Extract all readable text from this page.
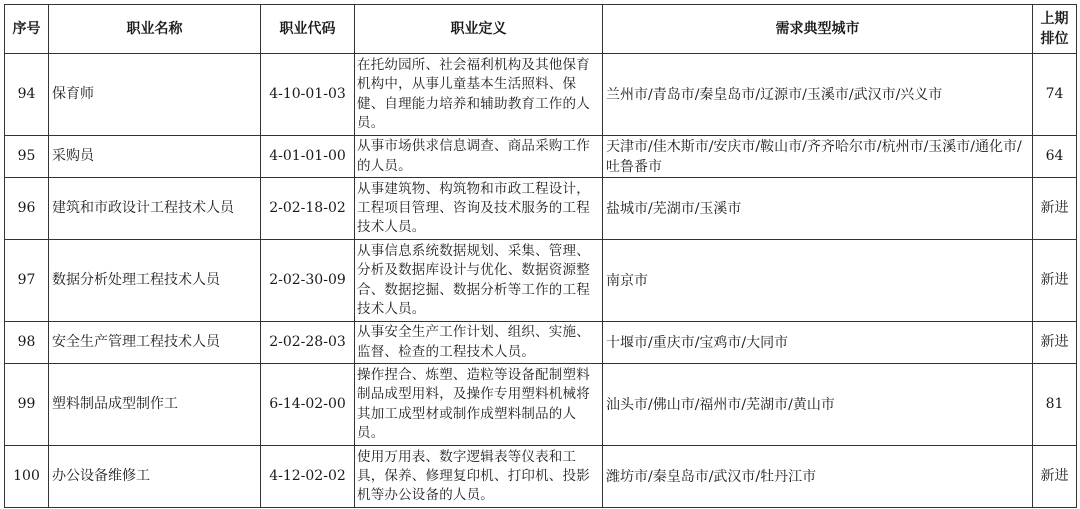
序号	职业名称	职业代码	职业定义	需求典型城市	上期
排位
94	保育师	4-10-01-03	在托幼园所、社会福利机构及其他保育机构中，从事儿童基本生活照料、保健、自理能力培养和辅助教育工作的人员。	兰州市/青岛市/秦皇岛市/辽源市/玉溪市/武汉市/兴义市	74
95	采购员	4-01-01-00	从事市场供求信息调查、商品采购工作的人员。	天津市/佳木斯市/安庆市/鞍山市/齐齐哈尔市/杭州市/玉溪市/通化市/吐鲁番市	64
96	建筑和市政设计工程技术人员	2-02-18-02	从事建筑物、构筑物和市政工程设计，工程项目管理、咨询及技术服务的工程技术人员。	盐城市/芜湖市/玉溪市	新进
97	数据分析处理工程技术人员	2-02-30-09	从事信息系统数据规划、采集、管理、分析及数据库设计与优化、数据资源整合、数据挖掘、数据分析等工作的工程技术人员。	南京市	新进
98	安全生产管理工程技术人员	2-02-28-03	从事安全生产工作计划、组织、实施、监督、检查的工程技术人员。	十堰市/重庆市/宝鸡市/大同市	新进
99	塑料制品成型制作工	6-14-02-00	操作捏合、炼塑、造粒等设备配制塑料制品成型用料，及操作专用塑料机械将其加工成型材或制作成塑料制品的人员。	汕头市/佛山市/福州市/芜湖市/黄山市	81
100	办公设备维修工	4-12-02-02	使用万用表、数字逻辑表等仪表和工具，保养、修理复印机、打印机、投影机等办公设备的人员。	潍坊市/秦皇岛市/武汉市/牡丹江市	新进
